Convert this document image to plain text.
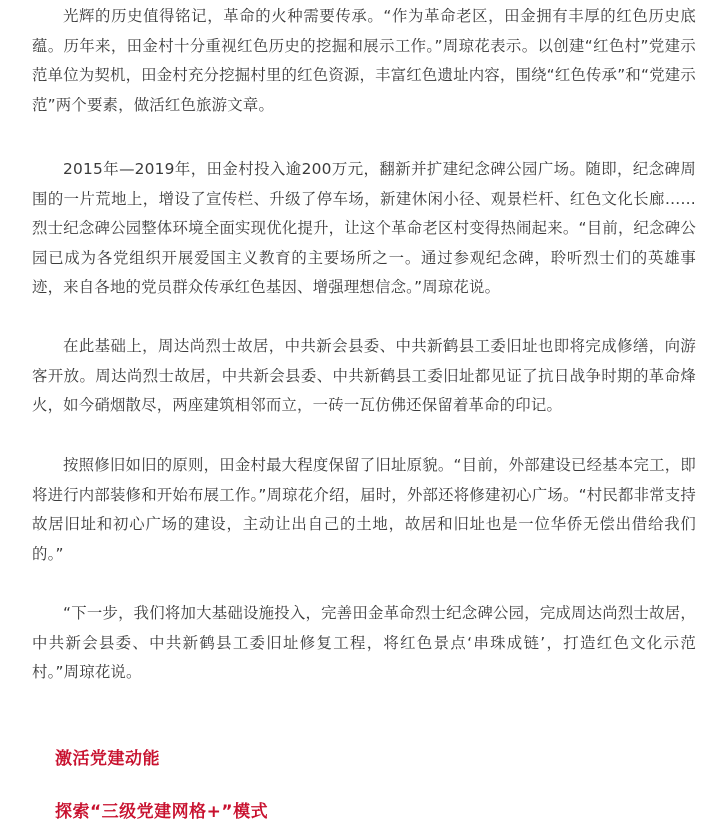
光辉的历史值得铭记，革命的火种需要传承。“作为革命老区，田金拥有丰厚的红色历史底蕴。历年来，田金村十分重视红色历史的挖掘和展示工作。”周琼花表示。以创建“红色村”党建示范单位为契机，田金村充分挖掘村里的红色资源，丰富红色遗址内容，围绕“红色传承”和“党建示范”两个要素，做活红色旅游文章。

2015年—2019年，田金村投入逾200万元，翻新并扩建纪念碑公园广场。随即，纪念碑周围的一片荒地上，增设了宣传栏、升级了停车场，新建休闲小径、观景栏杆、红色文化长廊……烈士纪念碑公园整体环境全面实现优化提升，让这个革命老区村变得热闹起来。“目前，纪念碑公园已成为各党组织开展爱国主义教育的主要场所之一。通过参观纪念碑，聆听烈士们的英雄事迹，来自各地的党员群众传承红色基因、增强理想信念。”周琼花说。

在此基础上，周达尚烈士故居，中共新会县委、中共新鹤县工委旧址也即将完成修缮，向游客开放。周达尚烈士故居，中共新会县委、中共新鹤县工委旧址都见证了抗日战争时期的革命烽火，如今硝烟散尽，两座建筑相邻而立，一砖一瓦仿佛还保留着革命的印记。

按照修旧如旧的原则，田金村最大程度保留了旧址原貌。“目前，外部建设已经基本完工，即将进行内部装修和开始布展工作。”周琼花介绍，届时，外部还将修建初心广场。“村民都非常支持故居旧址和初心广场的建设，主动让出自己的土地，故居和旧址也是一位华侨无偿出借给我们的。”

“下一步，我们将加大基础设施投入，完善田金革命烈士纪念碑公园，完成周达尚烈士故居，中共新会县委、中共新鹤县工委旧址修复工程，将红色景点‘串珠成链’，打造红色文化示范村。”周琼花说。

激活党建动能
探索“三级党建网格+”模式
